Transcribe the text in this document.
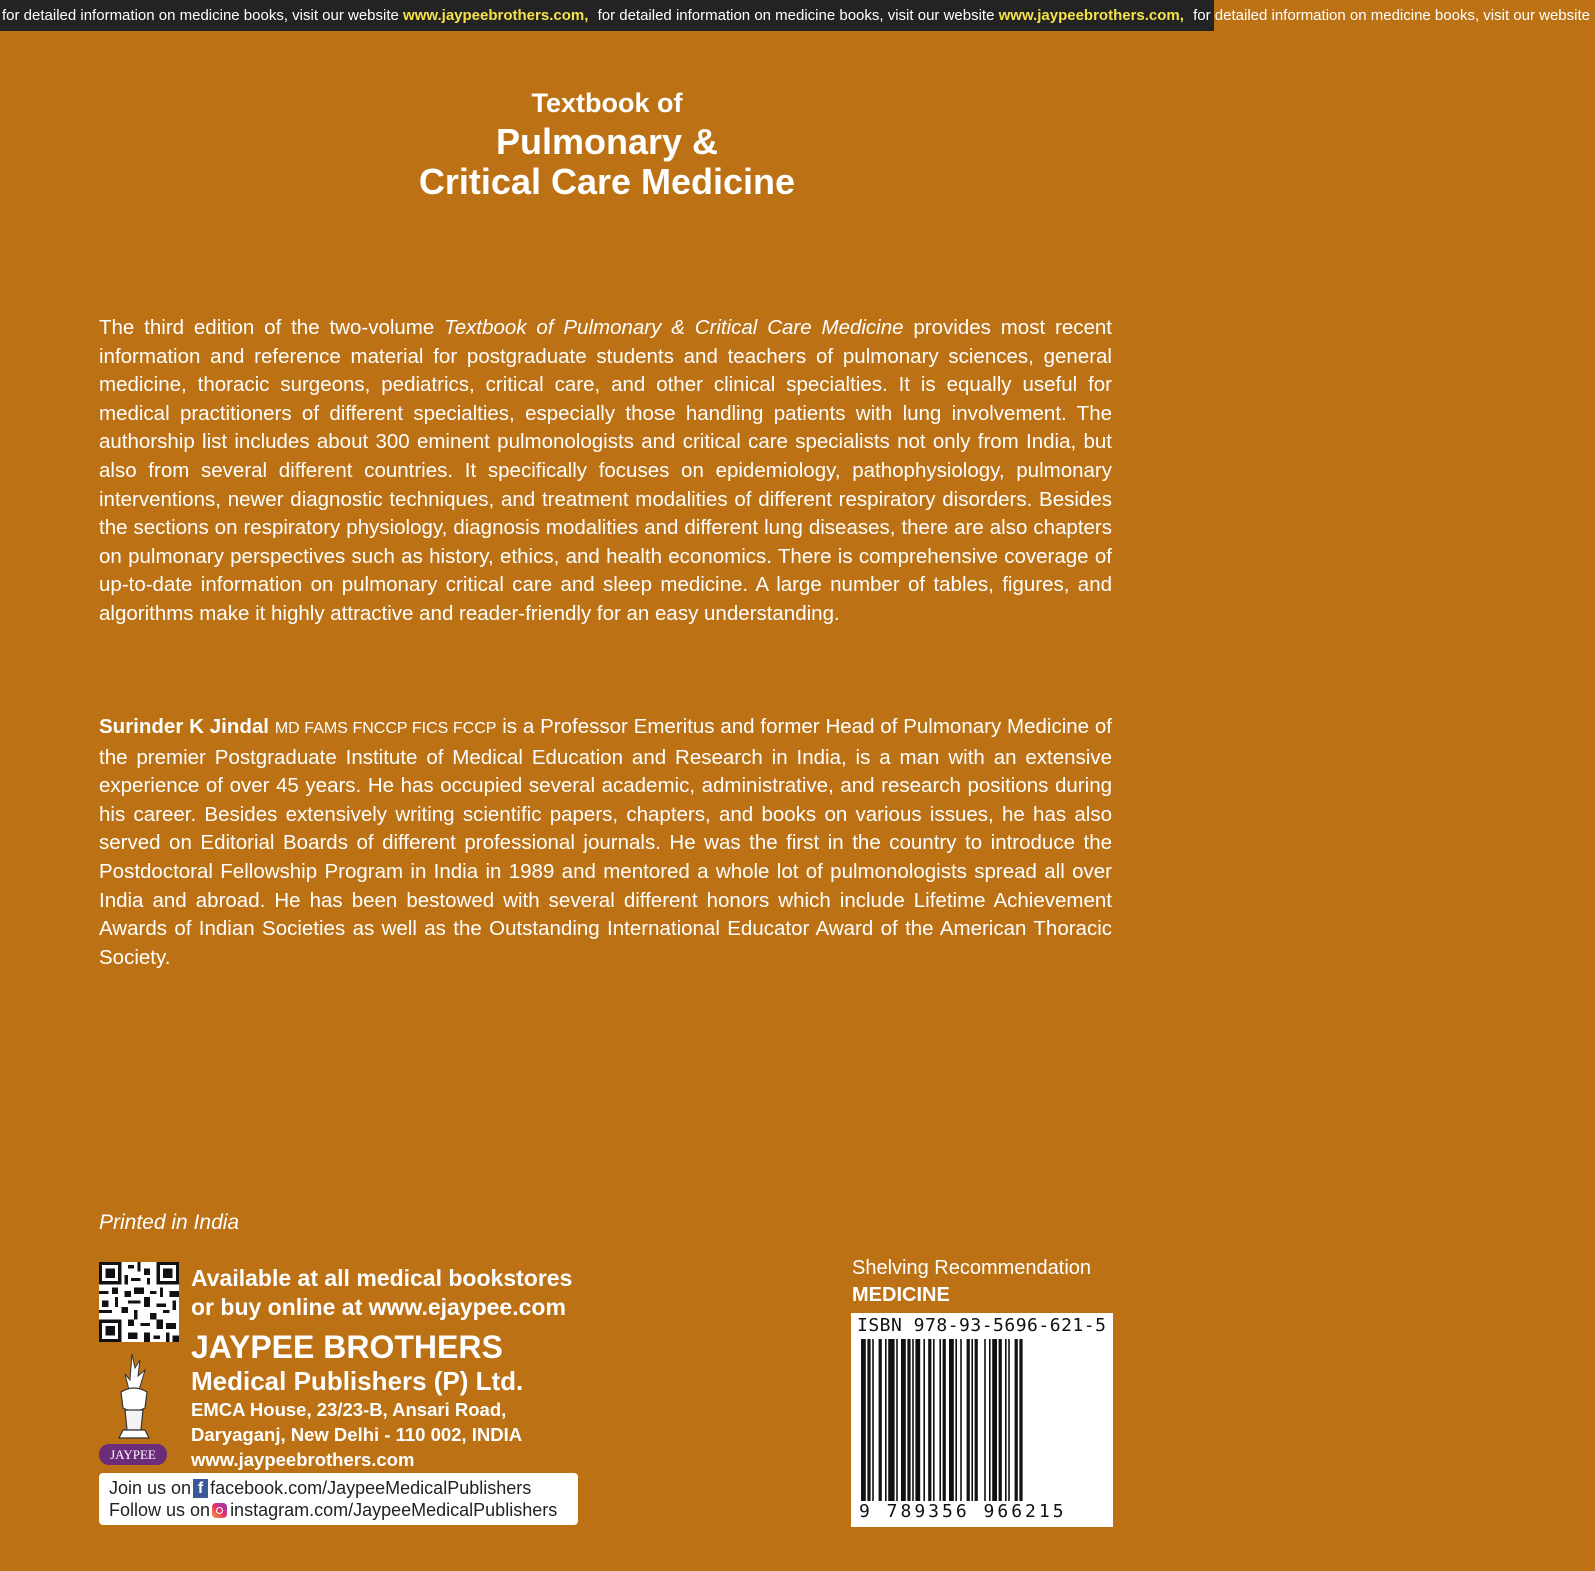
for detailed information on medicine books, visit our website www.jaypeebrothers.com, for detailed information on medicine books, visit our website www.jaypeebrothers.com, for detailed information on medicine books, visit our website
Textbook of
Pulmonary &
Critical Care Medicine

The third edition of the two-volume Textbook of Pulmonary & Critical Care Medicine provides most recent information and reference material for postgraduate students and teachers of pulmonary sciences, general medicine, thoracic surgeons, pediatrics, critical care, and other clinical specialties. It is equally useful for medical practitioners of different specialties, especially those handling patients with lung involvement. The authorship list includes about 300 eminent pulmonologists and critical care specialists not only from India, but also from several different countries. It specifically focuses on epidemiology, pathophysiology, pulmonary interventions, newer diagnostic techniques, and treatment modalities of different respiratory disorders. Besides the sections on respiratory physiology, diagnosis modalities and different lung diseases, there are also chapters on pulmonary perspectives such as history, ethics, and health economics. There is comprehensive coverage of up-to-date information on pulmonary critical care and sleep medicine. A large number of tables, figures, and algorithms make it highly attractive and reader-friendly for an easy understanding.

Surinder K Jindal MD FAMS FNCCP FICS FCCP is a Professor Emeritus and former Head of Pulmonary Medicine of the premier Postgraduate Institute of Medical Education and Research in India, is a man with an extensive experience of over 45 years. He has occupied several academic, administrative, and research positions during his career. Besides extensively writing scientific papers, chapters, and books on various issues, he has also served on Editorial Boards of different professional journals. He was the first in the country to introduce the Postdoctoral Fellowship Program in India in 1989 and mentored a whole lot of pulmonologists spread all over India and abroad. He has been bestowed with several different honors which include Lifetime Achievement Awards of Indian Societies as well as the Outstanding International Educator Award of the American Thoracic Society.

Printed in India
Available at all medical bookstores
or buy online at www.ejaypee.com
JAYPEE
JAYPEE BROTHERS
Medical Publishers (P) Ltd.
EMCA House, 23/23-B, Ansari Road,
Daryaganj, New Delhi - 110 002, INDIA
www.jaypeebrothers.com
Join us on f facebook.com/JaypeeMedicalPublishers
Follow us on instagram.com/JaypeeMedicalPublishers
Shelving Recommendation
MEDICINE
ISBN 978-93-5696-621-5
9 789356 966215
